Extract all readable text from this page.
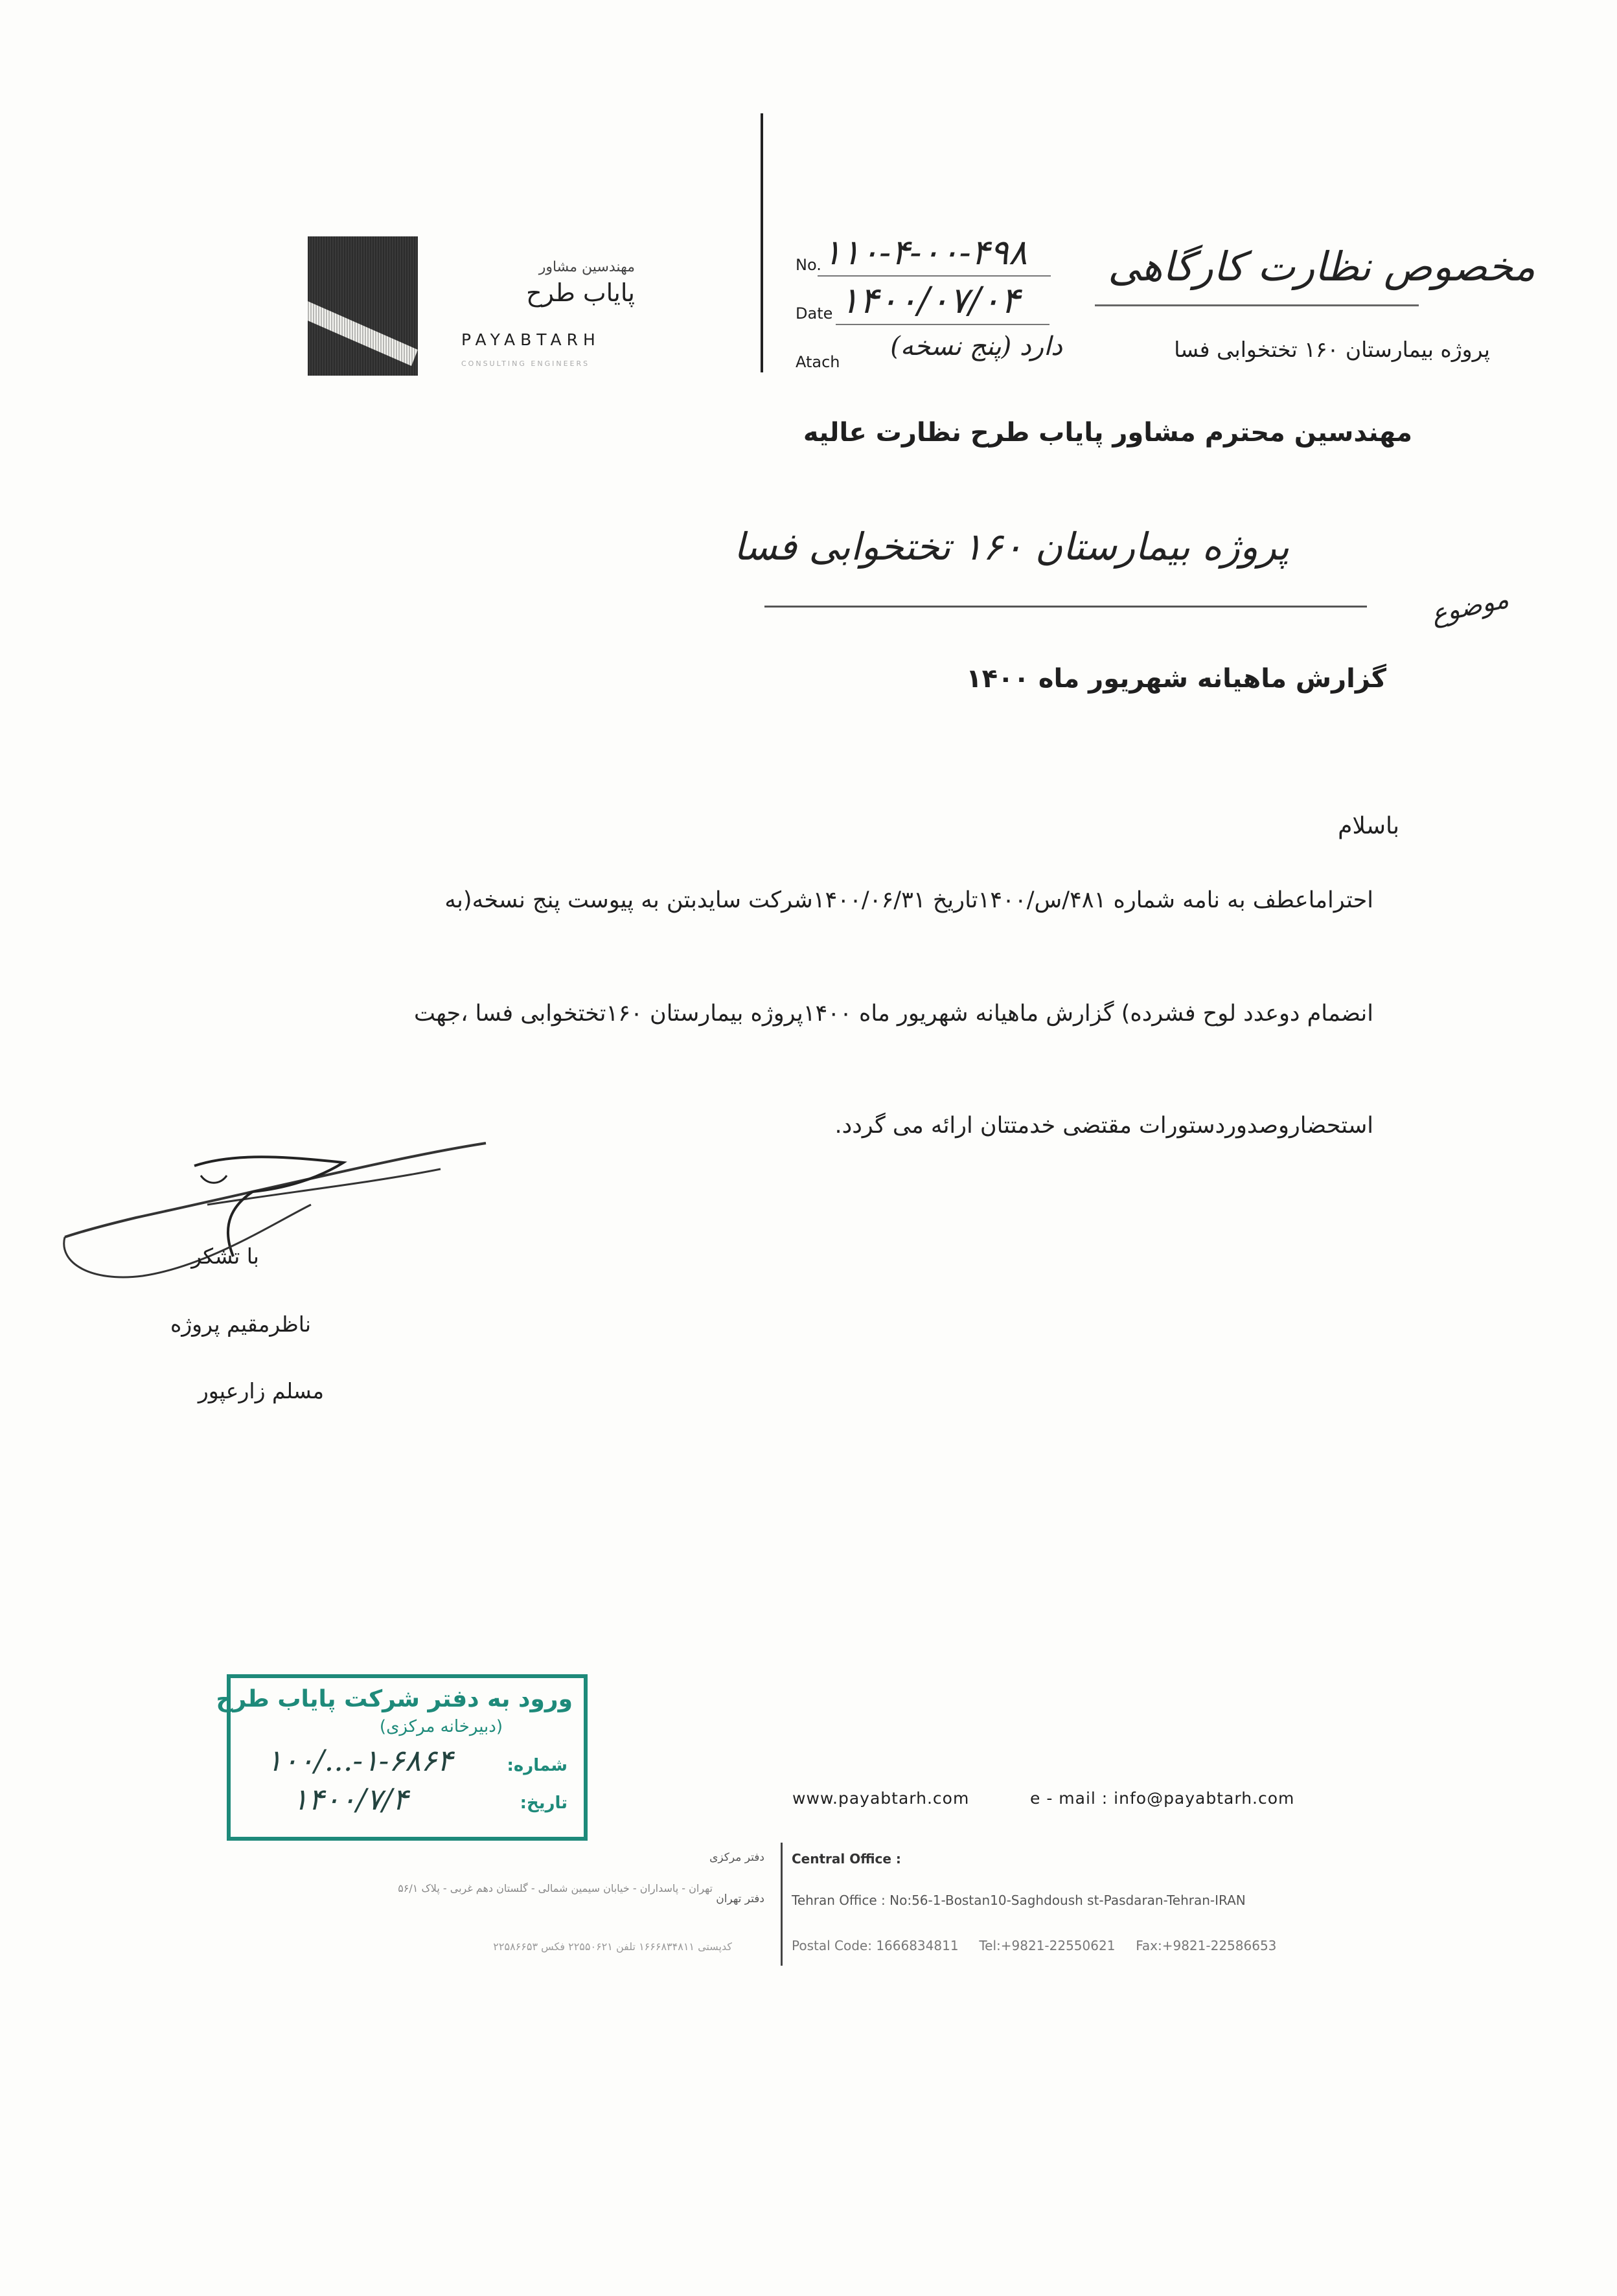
مهندسین مشاور
پایاب طرح
PAYABTARH
CONSULTING ENGINEERS
No. ۱۱۰-۴-۰۰-۴۹۸
Date ۱۴۰۰/۰۷/۰۴
Atach
دارد (پنج نسخه)
مخصوص نظارت کارگاهی
پروژه بیمارستان ۱۶۰ تختخوابی فسا
مهندسین محترم مشاور پایاب طرح نظارت عالیه
پروژه بیمارستان ۱۶۰ تختخوابی فسا
موضوع
گزارش ماهیانه شهریور ماه ۱۴۰۰
باسلام
احتراماعطف به نامه شماره ۴۸۱/س/۱۴۰۰تاریخ ۱۴۰۰/۰۶/۳۱شرکت سایدبتن به پیوست پنج نسخه(به
انضمام دوعدد لوح فشرده) گزارش ماهیانه شهریور ماه ۱۴۰۰پروژه بیمارستان ۱۶۰تختخوابی فسا ،جهت
استحضاروصدوردستورات مقتضی خدمتتان ارائه می گردد.
با تشکر
ناظرمقیم پروژه
مسلم زارعپور
ورود به دفتر شرکت پایاب طرح
(دبیرخانه مرکزی)
شماره:
۱۰۰/...-۱-۶۸۶۴
تاریخ:
۱۴۰۰/۷/۴	www.payabtarh.com	e - mail : info@payabtarh.com
دفتر مرکزی
دفتر تهران
تهران - پاسداران - خیابان سیمین شمالی - گلستان دهم غربی - پلاک ۵۶/۱
کدپستی ۱۶۶۶۸۳۴۸۱۱ تلفن ۲۲۵۵۰۶۲۱ فکس ۲۲۵۸۶۶۵۳
Central Office :
Tehran Office : No:56-1-Bostan10-Saghdoush st-Pasdaran-Tehran-IRAN
Postal Code: 1666834811     Tel:+9821-22550621     Fax:+9821-22586653
